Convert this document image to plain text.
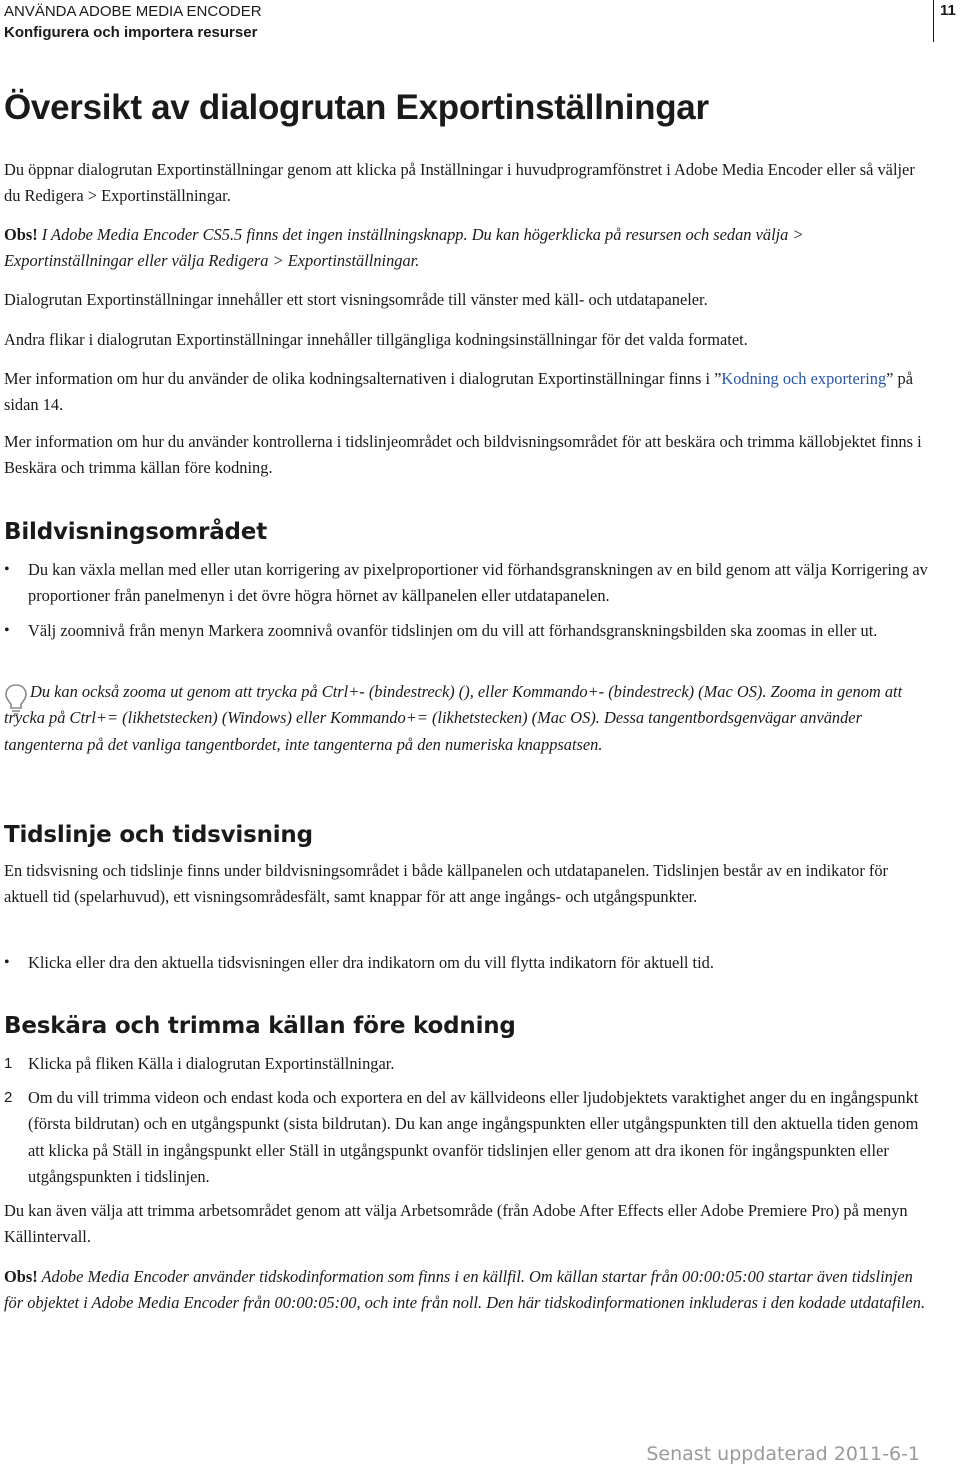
ANVÄNDA ADOBE MEDIA ENCODER
Konfigurera och importera resurser
11
Översikt av dialogrutan Exportinställningar

Du öppnar dialogrutan Exportinställningar genom att klicka på Inställningar i huvudprogramfönstret i Adobe Media Encoder eller så väljer du Redigera > Exportinställningar.

Obs! I Adobe Media Encoder CS5.5 finns det ingen inställningsknapp. Du kan högerklicka på resursen och sedan välja > Exportinställningar eller välja Redigera > Exportinställningar.

Dialogrutan Exportinställningar innehåller ett stort visningsområde till vänster med käll- och utdatapaneler.

Andra flikar i dialogrutan Exportinställningar innehåller tillgängliga kodningsinställningar för det valda formatet.

Mer information om hur du använder de olika kodningsalternativen i dialogrutan Exportinställningar finns i ”Kodning och exportering” på sidan 14.

Mer information om hur du använder kontrollerna i tidslinjeområdet och bildvisningsområdet för att beskära och trimma källobjektet finns i Beskära och trimma källan före kodning.

Bildvisningsområdet
• Du kan växla mellan med eller utan korrigering av pixelproportioner vid förhandsgranskningen av en bild genom att välja Korrigering av proportioner från panelmenyn i det övre högra hörnet av källpanelen eller utdatapanelen.

• Välj zoomnivå från menyn Markera zoomnivå ovanför tidslinjen om du vill att förhandsgranskningsbilden ska zoomas in eller ut.

Du kan också zooma ut genom att trycka på Ctrl+- (bindestreck) (), eller Kommando+- (bindestreck) (Mac OS). Zooma in genom att trycka på Ctrl+= (likhetstecken) (Windows) eller Kommando+= (likhetstecken) (Mac OS). Dessa tangentbordsgenvägar använder tangenterna på det vanliga tangentbordet, inte tangenterna på den numeriska knappsatsen.

Tidslinje och tidsvisning

En tidsvisning och tidslinje finns under bildvisningsområdet i både källpanelen och utdatapanelen. Tidslinjen består av en indikator för aktuell tid (spelarhuvud), ett visningsområdesfält, samt knappar för att ange ingångs- och utgångspunkter.

• Klicka eller dra den aktuella tidsvisningen eller dra indikatorn om du vill flytta indikatorn för aktuell tid.

Beskära och trimma källan före kodning
1 Klicka på fliken Källa i dialogrutan Exportinställningar.

2 Om du vill trimma videon och endast koda och exportera en del av källvideons eller ljudobjektets varaktighet anger du en ingångspunkt (första bildrutan) och en utgångspunkt (sista bildrutan). Du kan ange ingångspunkten eller utgångspunkten till den aktuella tiden genom att klicka på Ställ in ingångspunkt eller Ställ in utgångspunkt ovanför tidslinjen eller genom att dra ikonen för ingångspunkten eller utgångspunkten i tidslinjen.

Du kan även välja att trimma arbetsområdet genom att välja Arbetsområde (från Adobe After Effects eller Adobe Premiere Pro) på menyn Källintervall.

Obs! Adobe Media Encoder använder tidskodinformation som finns i en källfil. Om källan startar från 00:00:05:00 startar även tidslinjen för objektet i Adobe Media Encoder från 00:00:05:00, och inte från noll. Den här tidskodinformationen inkluderas i den kodade utdatafilen.

Senast uppdaterad 2011-6-1
